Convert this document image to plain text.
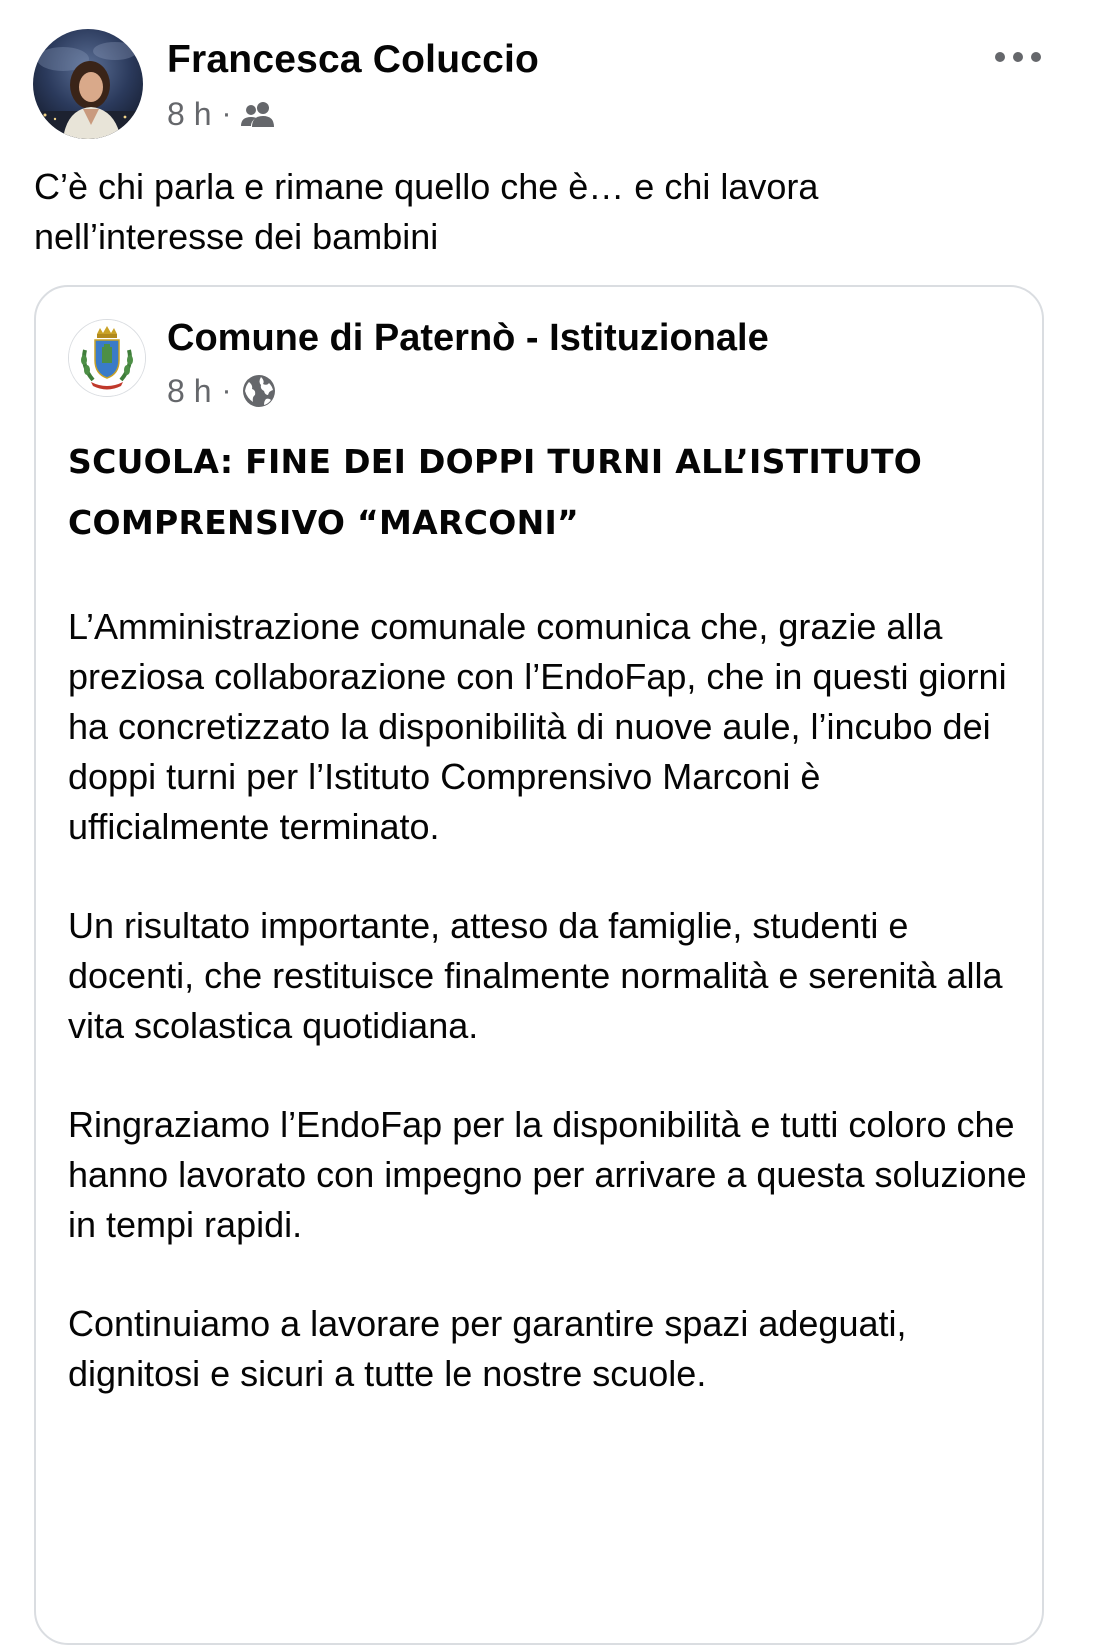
Francesca Coluccio
8 h ·
C’è chi parla e rimane quello che è… e chi lavora
nell’interesse dei bambini
Comune di Paternò - Istituzionale
8 h ·
SCUOLA: FINE DEI DOPPI TURNI ALL’ISTITUTO COMPRENSIVO “MARCONI”

L’Amministrazione comunale comunica che, grazie alla preziosa collaborazione con l’EndoFap, che in questi giorni ha concretizzato la disponibilità di nuove aule, l’incubo dei doppi turni per l’Istituto Comprensivo Marconi è ufficialmente terminato.

Un risultato importante, atteso da famiglie, studenti e docenti, che restituisce finalmente normalità e serenità alla vita scolastica quotidiana.

Ringraziamo l’EndoFap per la disponibilità e tutti coloro che hanno lavorato con impegno per arrivare a questa soluzione in tempi rapidi.

Continuiamo a lavorare per garantire spazi adeguati, dignitosi e sicuri a tutte le nostre scuole.
